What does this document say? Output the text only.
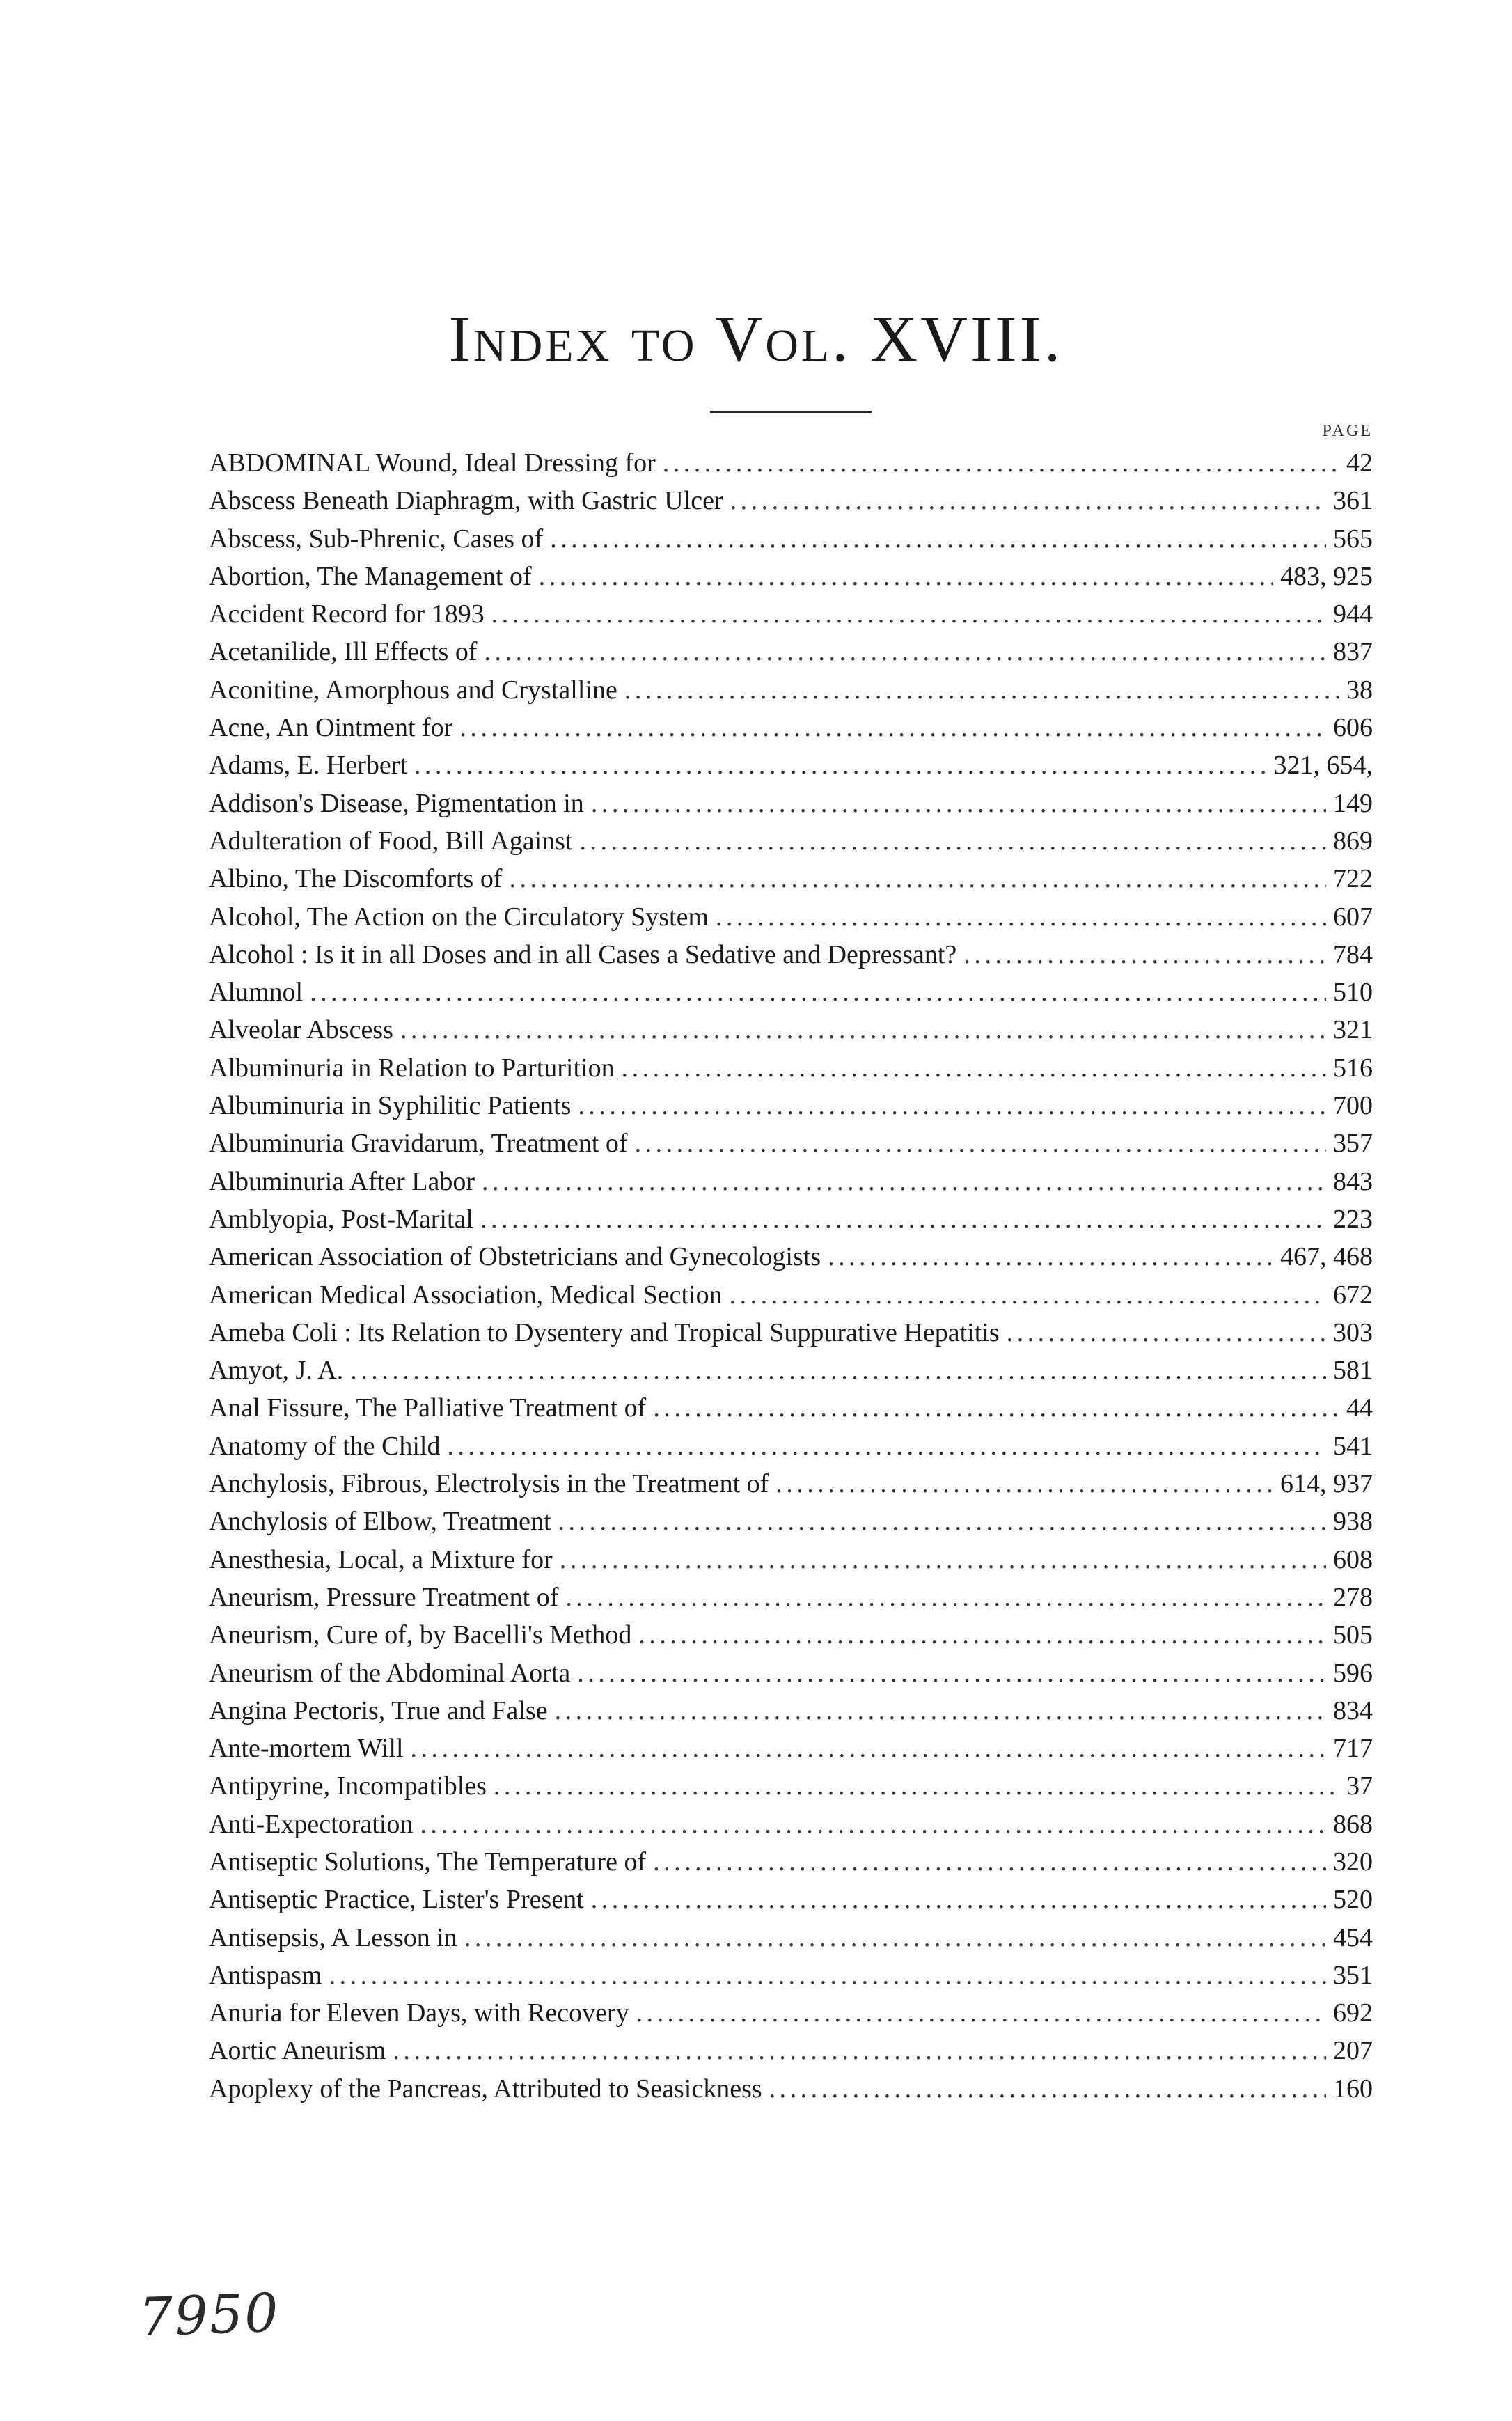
Index to Vol. XVIII.
PAGE
ABDOMINAL Wound, Ideal Dressing for . . .	42
Abscess Beneath Diaphragm, with Gastric Ulcer . . .	361
Abscess, Sub-Phrenic, Cases of . . .	565
Abortion, The Management of . . .	483, 925
Accident Record for 1893 . . .	944
Acetanilide, Ill Effects of . . .	837
Aconitine, Amorphous and Crystalline . . .	38
Acne, An Ointment for . . .	606
Adams, E. Herbert . . .	321, 654,
Addison's Disease, Pigmentation in . . .	149
Adulteration of Food, Bill Against . . .	869
Albino, The Discomforts of . . .	722
Alcohol, The Action on the Circulatory System . . .	607
Alcohol : Is it in all Doses and in all Cases a Sedative and Depressant? . . .	784
Alumnol . . .	510
Alveolar Abscess . . .	321
Albuminuria in Relation to Parturition . . .	516
Albuminuria in Syphilitic Patients . . .	700
Albuminuria Gravidarum, Treatment of . . .	357
Albuminuria After Labor . . .	843
Amblyopia, Post-Marital . . .	223
American Association of Obstetricians and Gynecologists . . .	467, 468
American Medical Association, Medical Section . . .	672
Ameba Coli : Its Relation to Dysentery and Tropical Suppurative Hepatitis . . .	303
Amyot, J. A. . . .	581
Anal Fissure, The Palliative Treatment of . . .	44
Anatomy of the Child . . .	541
Anchylosis, Fibrous, Electrolysis in the Treatment of . . .	614, 937
Anchylosis of Elbow, Treatment . . .	938
Anesthesia, Local, a Mixture for . . .	608
Aneurism, Pressure Treatment of . . .	278
Aneurism, Cure of, by Bacelli's Method . . .	505
Aneurism of the Abdominal Aorta . . .	596
Angina Pectoris, True and False . . .	834
Ante-mortem Will . . .	717
Antipyrine, Incompatibles . . .	37
Anti-Expectoration . . .	868
Antiseptic Solutions, The Temperature of . . .	320
Antiseptic Practice, Lister's Present . . .	520
Antisepsis, A Lesson in . . .	454
Antispasm . . .	351
Anuria for Eleven Days, with Recovery . . .	692
Aortic Aneurism . . .	207
Apoplexy of the Pancreas, Attributed to Seasickness . . .	160
7950
